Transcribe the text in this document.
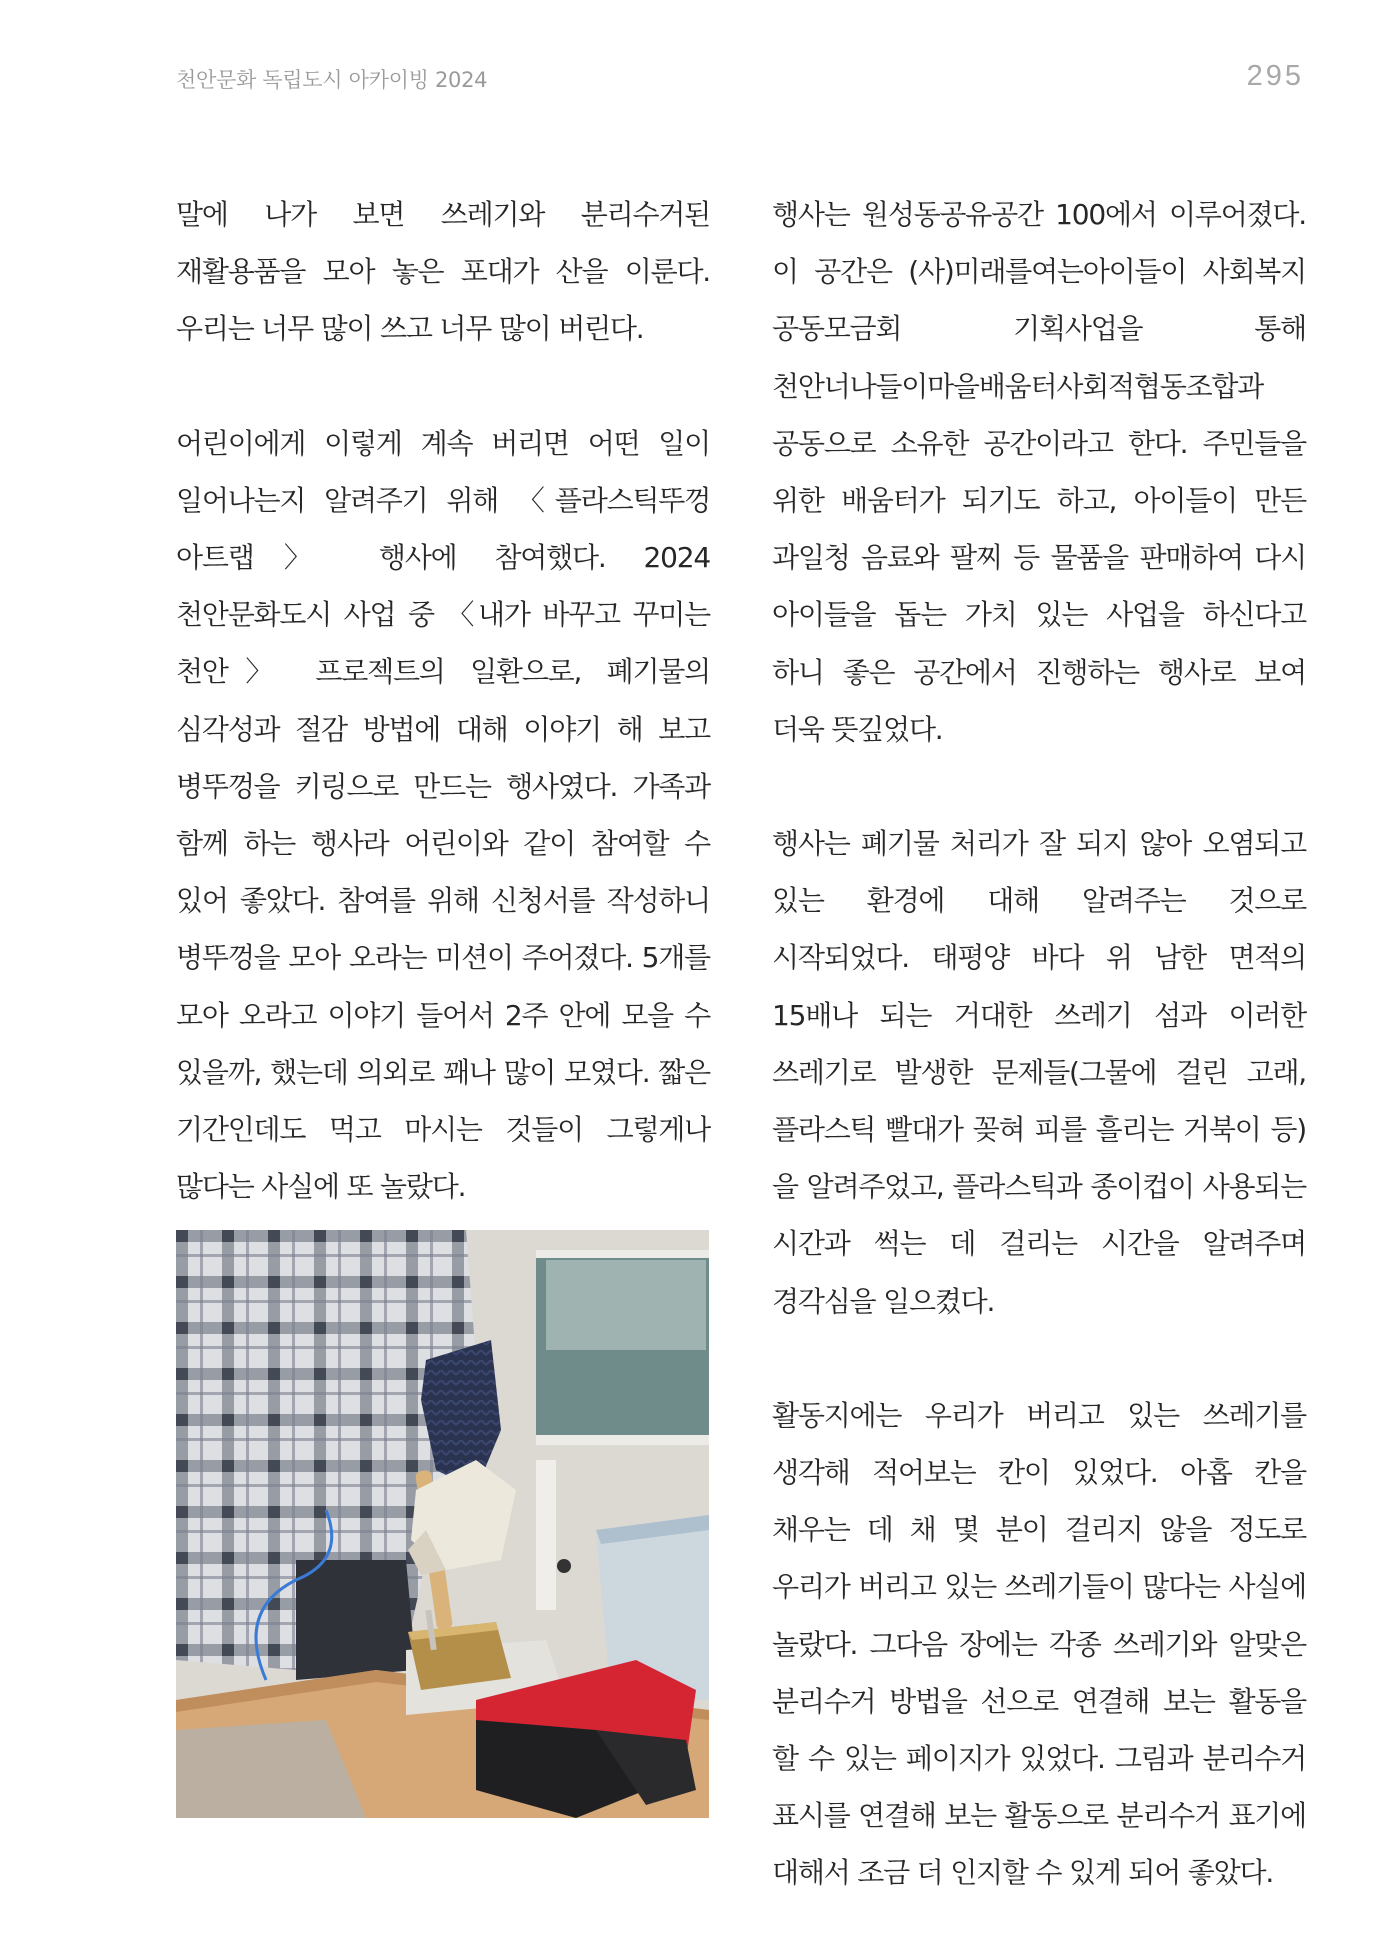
천안문화 독립도시 아카이빙 2024	295

말에 나가 보면 쓰레기와 분리수거된 재활용품을 모아 놓은 포대가 산을 이룬다. 우리는 너무 많이 쓰고 너무 많이 버린다.

어린이에게 이렇게 계속 버리면 어떤 일이 일어나는지 알려주기 위해 〈플라스틱뚜껑 아트랩〉 행사에 참여했다. 2024 천안문화도시 사업 중 〈내가 바꾸고 꾸미는 천안〉 프로젝트의 일환으로, 폐기물의 심각성과 절감 방법에 대해 이야기 해 보고 병뚜껑을 키링으로 만드는 행사였다. 가족과 함께 하는 행사라 어린이와 같이 참여할 수 있어 좋았다. 참여를 위해 신청서를 작성하니 병뚜껑을 모아 오라는 미션이 주어졌다. 5개를 모아 오라고 이야기 들어서 2주 안에 모을 수 있을까, 했는데 의외로 꽤나 많이 모였다. 짧은 기간인데도 먹고 마시는 것들이 그렇게나 많다는 사실에 또 놀랐다.

행사는 원성동공유공간 100에서 이루어졌다. 이 공간은 (사)미래를여는아이들이 사회복지 공동모금회 기획사업을 통해 천안너나들이마을배움터사회적협동조합과 공동으로 소유한 공간이라고 한다. 주민들을 위한 배움터가 되기도 하고, 아이들이 만든 과일청 음료와 팔찌 등 물품을 판매하여 다시 아이들을 돕는 가치 있는 사업을 하신다고 하니 좋은 공간에서 진행하는 행사로 보여 더욱 뜻깊었다.

행사는 폐기물 처리가 잘 되지 않아 오염되고 있는 환경에 대해 알려주는 것으로 시작되었다. 태평양 바다 위 남한 면적의 15배나 되는 거대한 쓰레기 섬과 이러한 쓰레기로 발생한 문제들(그물에 걸린 고래, 플라스틱 빨대가 꽂혀 피를 흘리는 거북이 등)을 알려주었고, 플라스틱과 종이컵이 사용되는 시간과 썩는 데 걸리는 시간을 알려주며 경각심을 일으켰다.

활동지에는 우리가 버리고 있는 쓰레기를 생각해 적어보는 칸이 있었다. 아홉 칸을 채우는 데 채 몇 분이 걸리지 않을 정도로 우리가 버리고 있는 쓰레기들이 많다는 사실에 놀랐다. 그다음 장에는 각종 쓰레기와 알맞은 분리수거 방법을 선으로 연결해 보는 활동을 할 수 있는 페이지가 있었다. 그림과 분리수거 표시를 연결해 보는 활동으로 분리수거 표기에 대해서 조금 더 인지할 수 있게 되어 좋았다.
